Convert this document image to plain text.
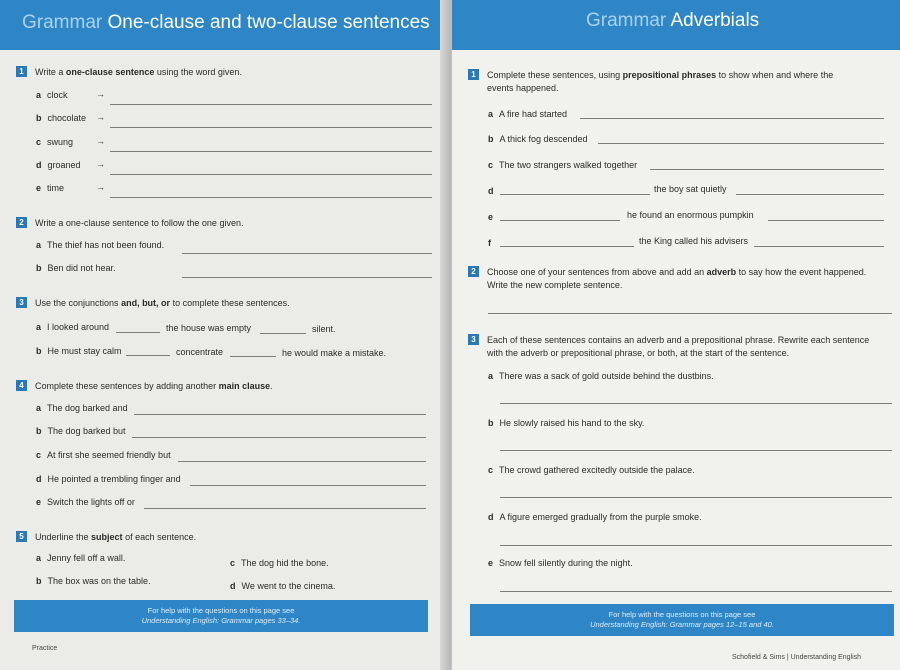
Grammar One-clause and two-clause sentences
1 Write a one-clause sentence using the word given.
a clock	→
b chocolate →
c swung	→
d groaned →
e time	→
2 Write a one-clause sentence to follow the one given.
a The thief has not been found.
b Ben did not hear.
3 Use the conjunctions and, but, or to complete these sentences.
a I looked around	the house was empty	silent.
b He must stay calm	concentrate	he would make a mistake.
4 Complete these sentences by adding another main clause.
a The dog barked and
b The dog barked but
c At first she seemed friendly but
d He pointed a trembling finger and
e Switch the lights off or
5 Underline the subject of each sentence.
a Jenny fell off a wall.	c The dog hid the bone.
b The box was on the table.	d We went to the cinema.
For help with the questions on this page see
Understanding English: Grammar pages 33–34.
Practice
Grammar Adverbials
1 Complete these sentences, using prepositional phrases to show when and where the
events happened.
a A fire had started
b A thick fog descended
c The two strangers walked together
d	the boy sat quietly
e	he found an enormous pumpkin
f	the King called his advisers
2 Choose one of your sentences from above and add an adverb to say how the event happened.
Write the new complete sentence.
3 Each of these sentences contains an adverb and a prepositional phrase. Rewrite each sentence
with the adverb or prepositional phrase, or both, at the start of the sentence.
a There was a sack of gold outside behind the dustbins.
b He slowly raised his hand to the sky.
c The crowd gathered excitedly outside the palace.
d A figure emerged gradually from the purple smoke.
e Snow fell silently during the night.
For help with the questions on this page see
Understanding English: Grammar pages 12–15 and 40.
Schofield & Sims | Understanding English
